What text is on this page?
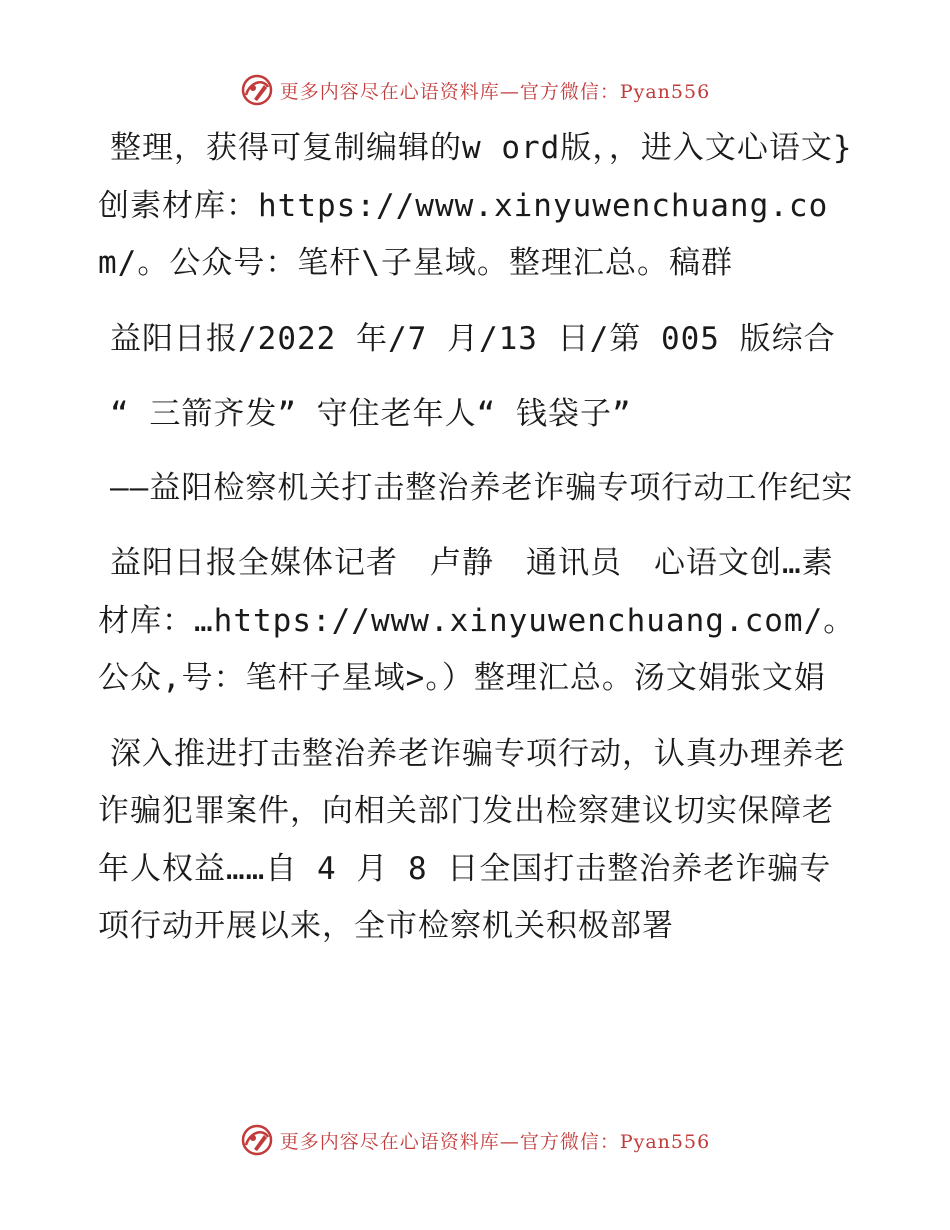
更多内容尽在心语资料库—官方微信：Pyan556

整理，获得可复制编辑的w ord版，，进入文心语文}创素材库：https://www.xinyuwenchuang.com/。公众号：笔杆\子星域。整理汇总。稿群

益阳日报/2022 年/7 月/13 日/第 005 版综合

“ 三箭齐发” 守住老年人“ 钱袋子”

——益阳检察机关打击整治养老诈骗专项行动工作纪实

益阳日报全媒体记者　卢静　通讯员　心语文创…素材库：…https://www.xinyuwenchuang.com/。公众,号：笔杆子星域>。）整理汇总。汤文娟张文娟

深入推进打击整治养老诈骗专项行动，认真办理养老诈骗犯罪案件，向相关部门发出检察建议切实保障老年人权益……自 4 月 8 日全国打击整治养老诈骗专项行动开展以来，全市检察机关积极部署

更多内容尽在心语资料库—官方微信：Pyan556
